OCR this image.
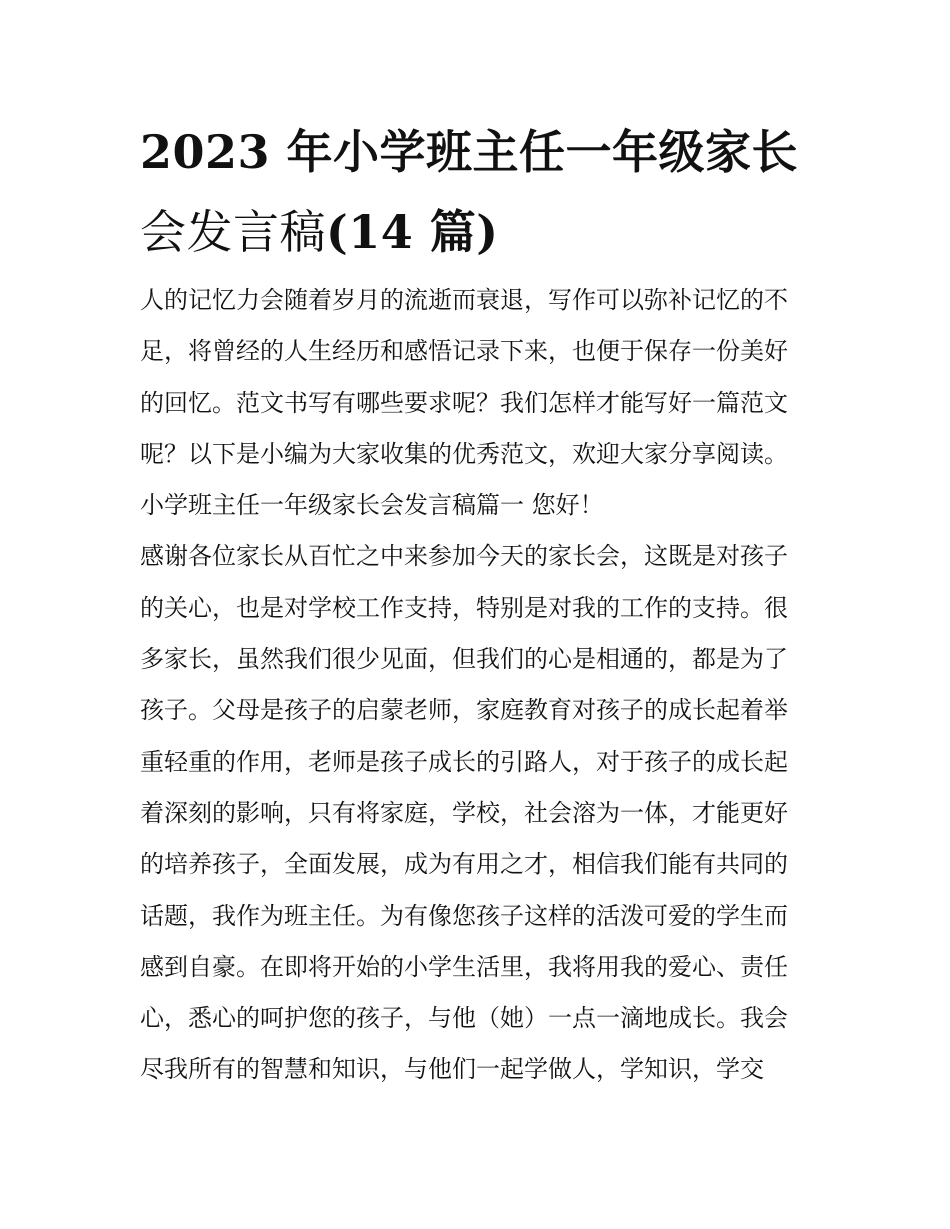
2023 年小学班主任一年级家长
会发言稿(14 篇)
人的记忆力会随着岁月的流逝而衰退，写作可以弥补记忆的不
足，将曾经的人生经历和感悟记录下来，也便于保存一份美好
的回忆。范文书写有哪些要求呢？我们怎样才能写好一篇范文
呢？以下是小编为大家收集的优秀范文，欢迎大家分享阅读。
小学班主任一年级家长会发言稿篇一 您好！
感谢各位家长从百忙之中来参加今天的家长会，这既是对孩子
的关心，也是对学校工作支持，特别是对我的工作的支持。很
多家长，虽然我们很少见面，但我们的心是相通的，都是为了
孩子。父母是孩子的启蒙老师，家庭教育对孩子的成长起着举
重轻重的作用，老师是孩子成长的引路人，对于孩子的成长起
着深刻的影响，只有将家庭，学校，社会溶为一体，才能更好
的培养孩子，全面发展，成为有用之才，相信我们能有共同的
话题，我作为班主任。为有像您孩子这样的活泼可爱的学生而
感到自豪。在即将开始的小学生活里，我将用我的爱心、责任
心，悉心的呵护您的孩子，与他（她）一点一滴地成长。我会
尽我所有的智慧和知识，与他们一起学做人，学知识，学交
